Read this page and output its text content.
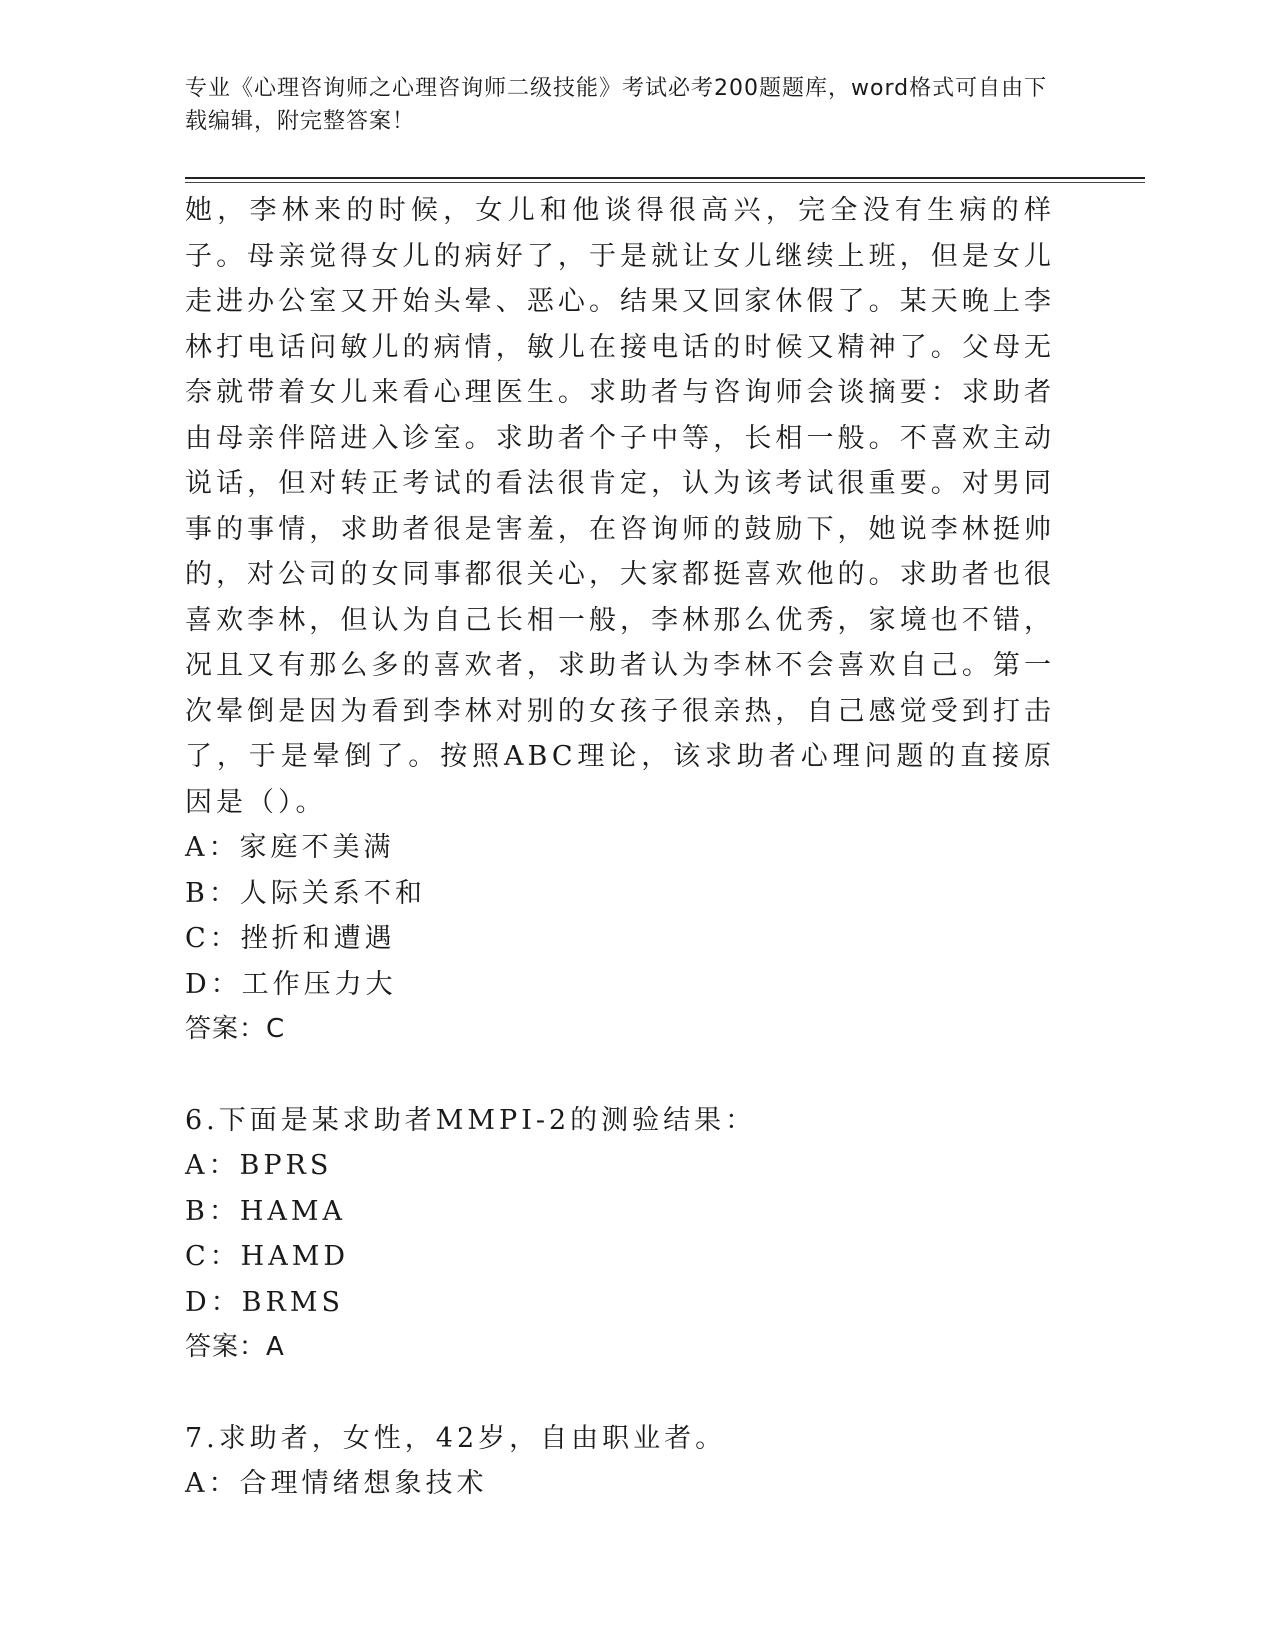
专业《心理咨询师之心理咨询师二级技能》考试必考200题题库，word格式可自由下载编辑，附完整答案！

她，李林来的时候，女儿和他谈得很高兴，完全没有生病的样子。母亲觉得女儿的病好了，于是就让女儿继续上班，但是女儿走进办公室又开始头晕、恶心。结果又回家休假了。某天晚上李林打电话问敏儿的病情，敏儿在接电话的时候又精神了。父母无奈就带着女儿来看心理医生。求助者与咨询师会谈摘要：求助者由母亲伴陪进入诊室。求助者个子中等，长相一般。不喜欢主动说话，但对转正考试的看法很肯定，认为该考试很重要。对男同事的事情，求助者很是害羞，在咨询师的鼓励下，她说李林挺帅的，对公司的女同事都很关心，大家都挺喜欢他的。求助者也很喜欢李林，但认为自己长相一般，李林那么优秀，家境也不错，况且又有那么多的喜欢者，求助者认为李林不会喜欢自己。第一次晕倒是因为看到李林对别的女孩子很亲热，自己感觉受到打击了，于是晕倒了。按照ABC理论，该求助者心理问题的直接原因是（）。

A：家庭不美满

B：人际关系不和

C：挫折和遭遇

D：工作压力大

答案：C

6.下面是某求助者MMPI-2的测验结果：

A：BPRS

B：HAMA

C：HAMD

D：BRMS

答案：A

7.求助者，女性，42岁，自由职业者。

A：合理情绪想象技术
